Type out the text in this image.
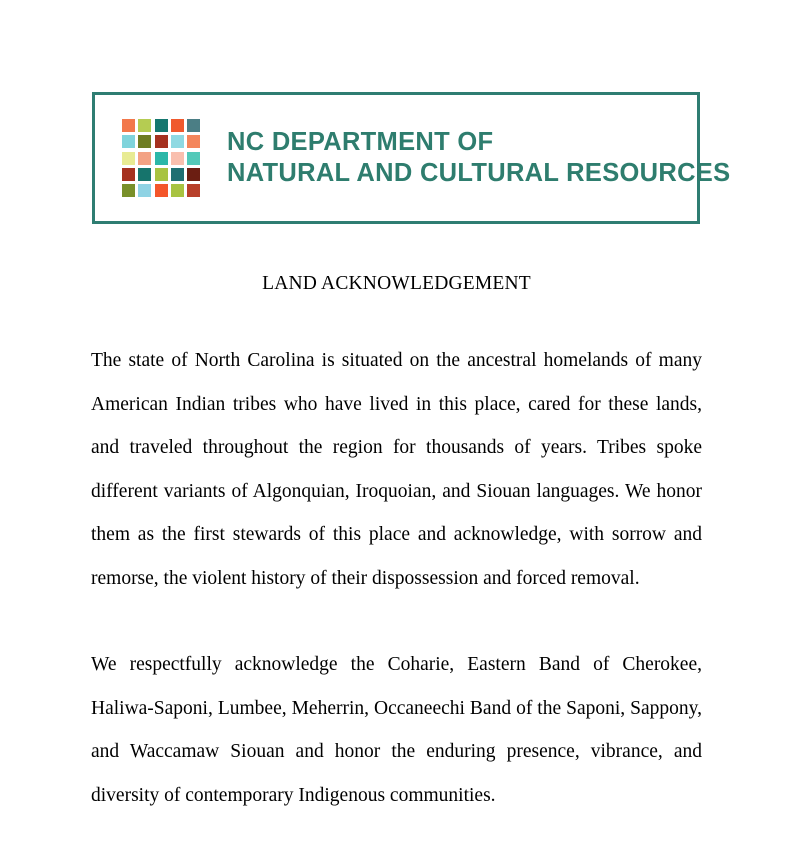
NC DEPARTMENT OF
NATURAL AND CULTURAL RESOURCES
LAND ACKNOWLEDGEMENT

The state of North Carolina is situated on the ancestral homelands of many American Indian tribes who have lived in this place, cared for these lands, and traveled throughout the region for thousands of years. Tribes spoke different variants of Algonquian, Iroquoian, and Siouan languages. We honor them as the first stewards of this place and acknowledge, with sorrow and remorse, the violent history of their dispossession and forced removal.

We respectfully acknowledge the Coharie, Eastern Band of Cherokee, Haliwa-Saponi, Lumbee, Meherrin, Occaneechi Band of the Saponi, Sappony, and Waccamaw Siouan and honor the enduring presence, vibrance, and diversity of contemporary Indigenous communities.
